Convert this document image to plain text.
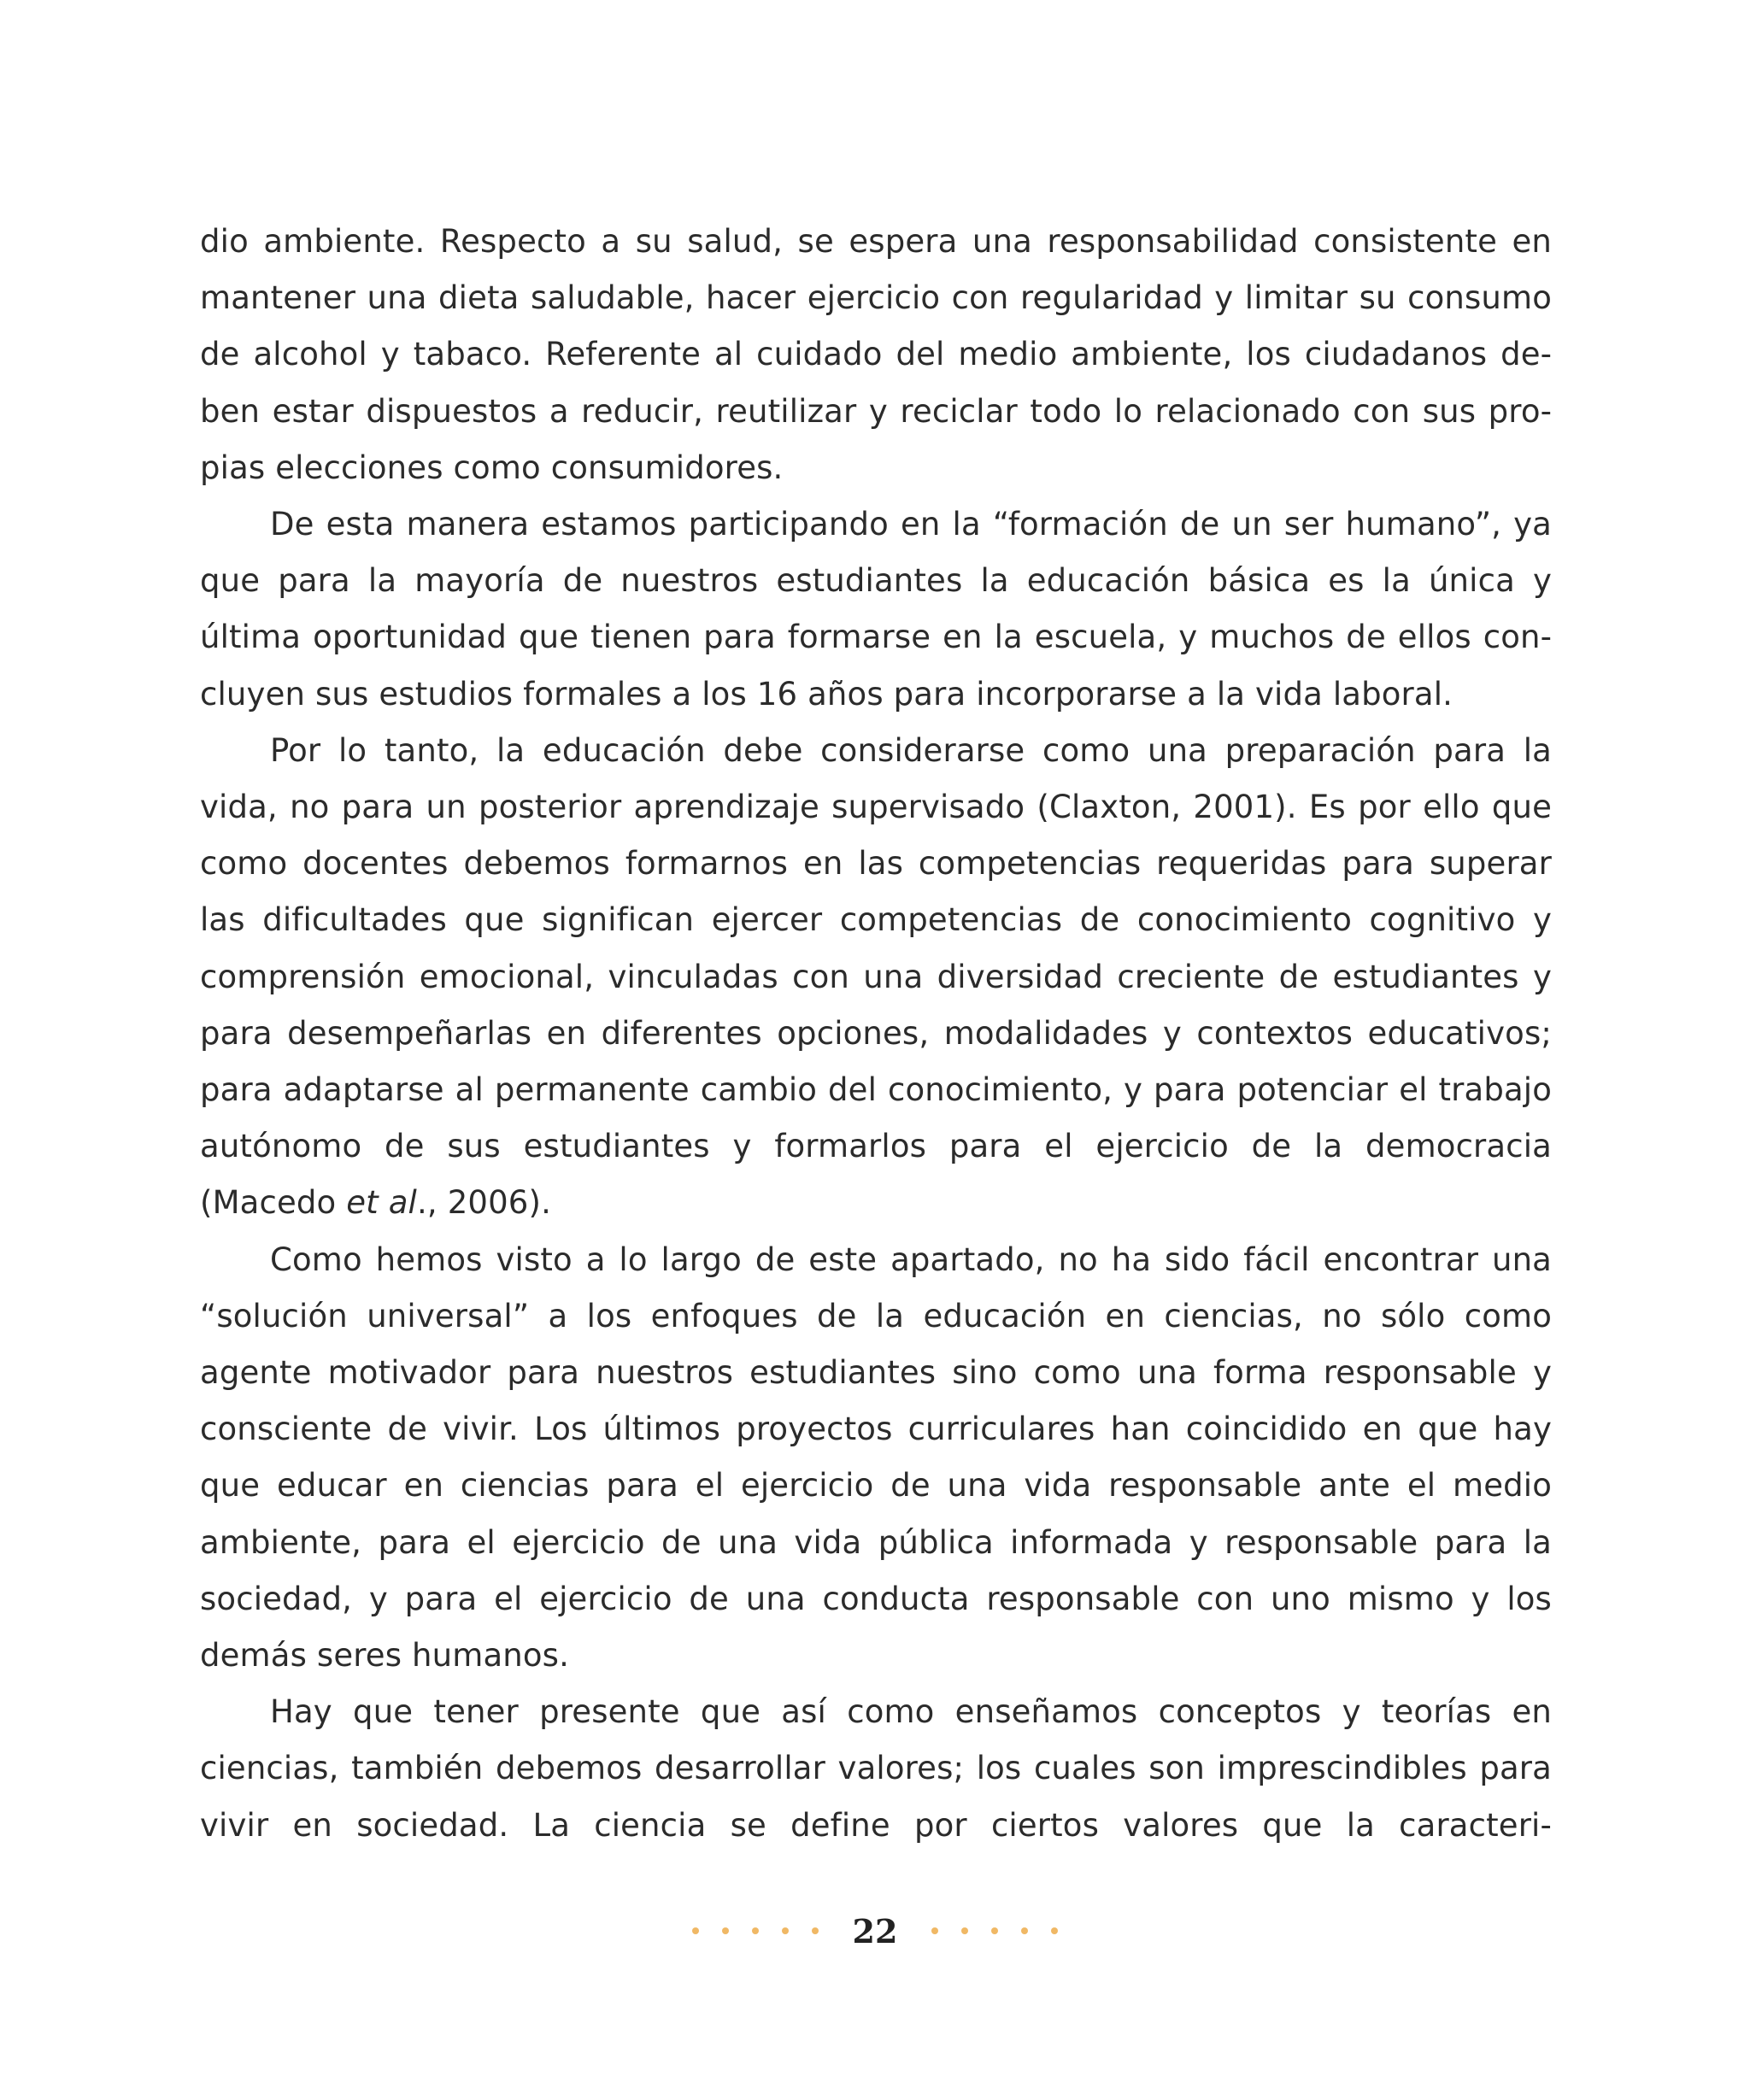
dio ambiente. Respecto a su salud, se espera una responsabilidad consistente en mantener una dieta saludable, hacer ejercicio con regularidad y limitar su consumo de alcohol y tabaco. Referente al cuidado del medio ambiente, los ciudadanos deben estar dispuestos a reducir, reutilizar y reciclar todo lo relacionado con sus propias elecciones como consumidores.

De esta manera estamos participando en la “formación de un ser humano”, ya que para la mayoría de nuestros estudiantes la educación básica es la única y última oportunidad que tienen para formarse en la escuela, y muchos de ellos concluyen sus estudios formales a los 16 años para incorporarse a la vida laboral.

Por lo tanto, la educación debe considerarse como una preparación para la vida, no para un posterior aprendizaje supervisado (Claxton, 2001). Es por ello que como docentes debemos formarnos en las competencias requeridas para superar las dificultades que significan ejercer competencias de conocimiento cognitivo y comprensión emocional, vinculadas con una diversidad creciente de estudiantes y para desempeñarlas en diferentes opciones, modalidades y contextos educativos; para adaptarse al permanente cambio del conocimiento, y para potenciar el trabajo autónomo de sus estudiantes y formarlos para el ejercicio de la democracia (Macedo et al., 2006).

Como hemos visto a lo largo de este apartado, no ha sido fácil encontrar una “solución universal” a los enfoques de la educación en ciencias, no sólo como agente motivador para nuestros estudiantes sino como una forma responsable y consciente de vivir. Los últimos proyectos curriculares han coincidido en que hay que educar en ciencias para el ejercicio de una vida responsable ante el medio ambiente, para el ejercicio de una vida pública informada y responsable para la sociedad, y para el ejercicio de una conducta responsable con uno mismo y los demás seres humanos.

Hay que tener presente que así como enseñamos conceptos y teorías en ciencias, también debemos desarrollar valores; los cuales son imprescindibles para vivir en sociedad. La ciencia se define por ciertos valores que la caracteri-

22
